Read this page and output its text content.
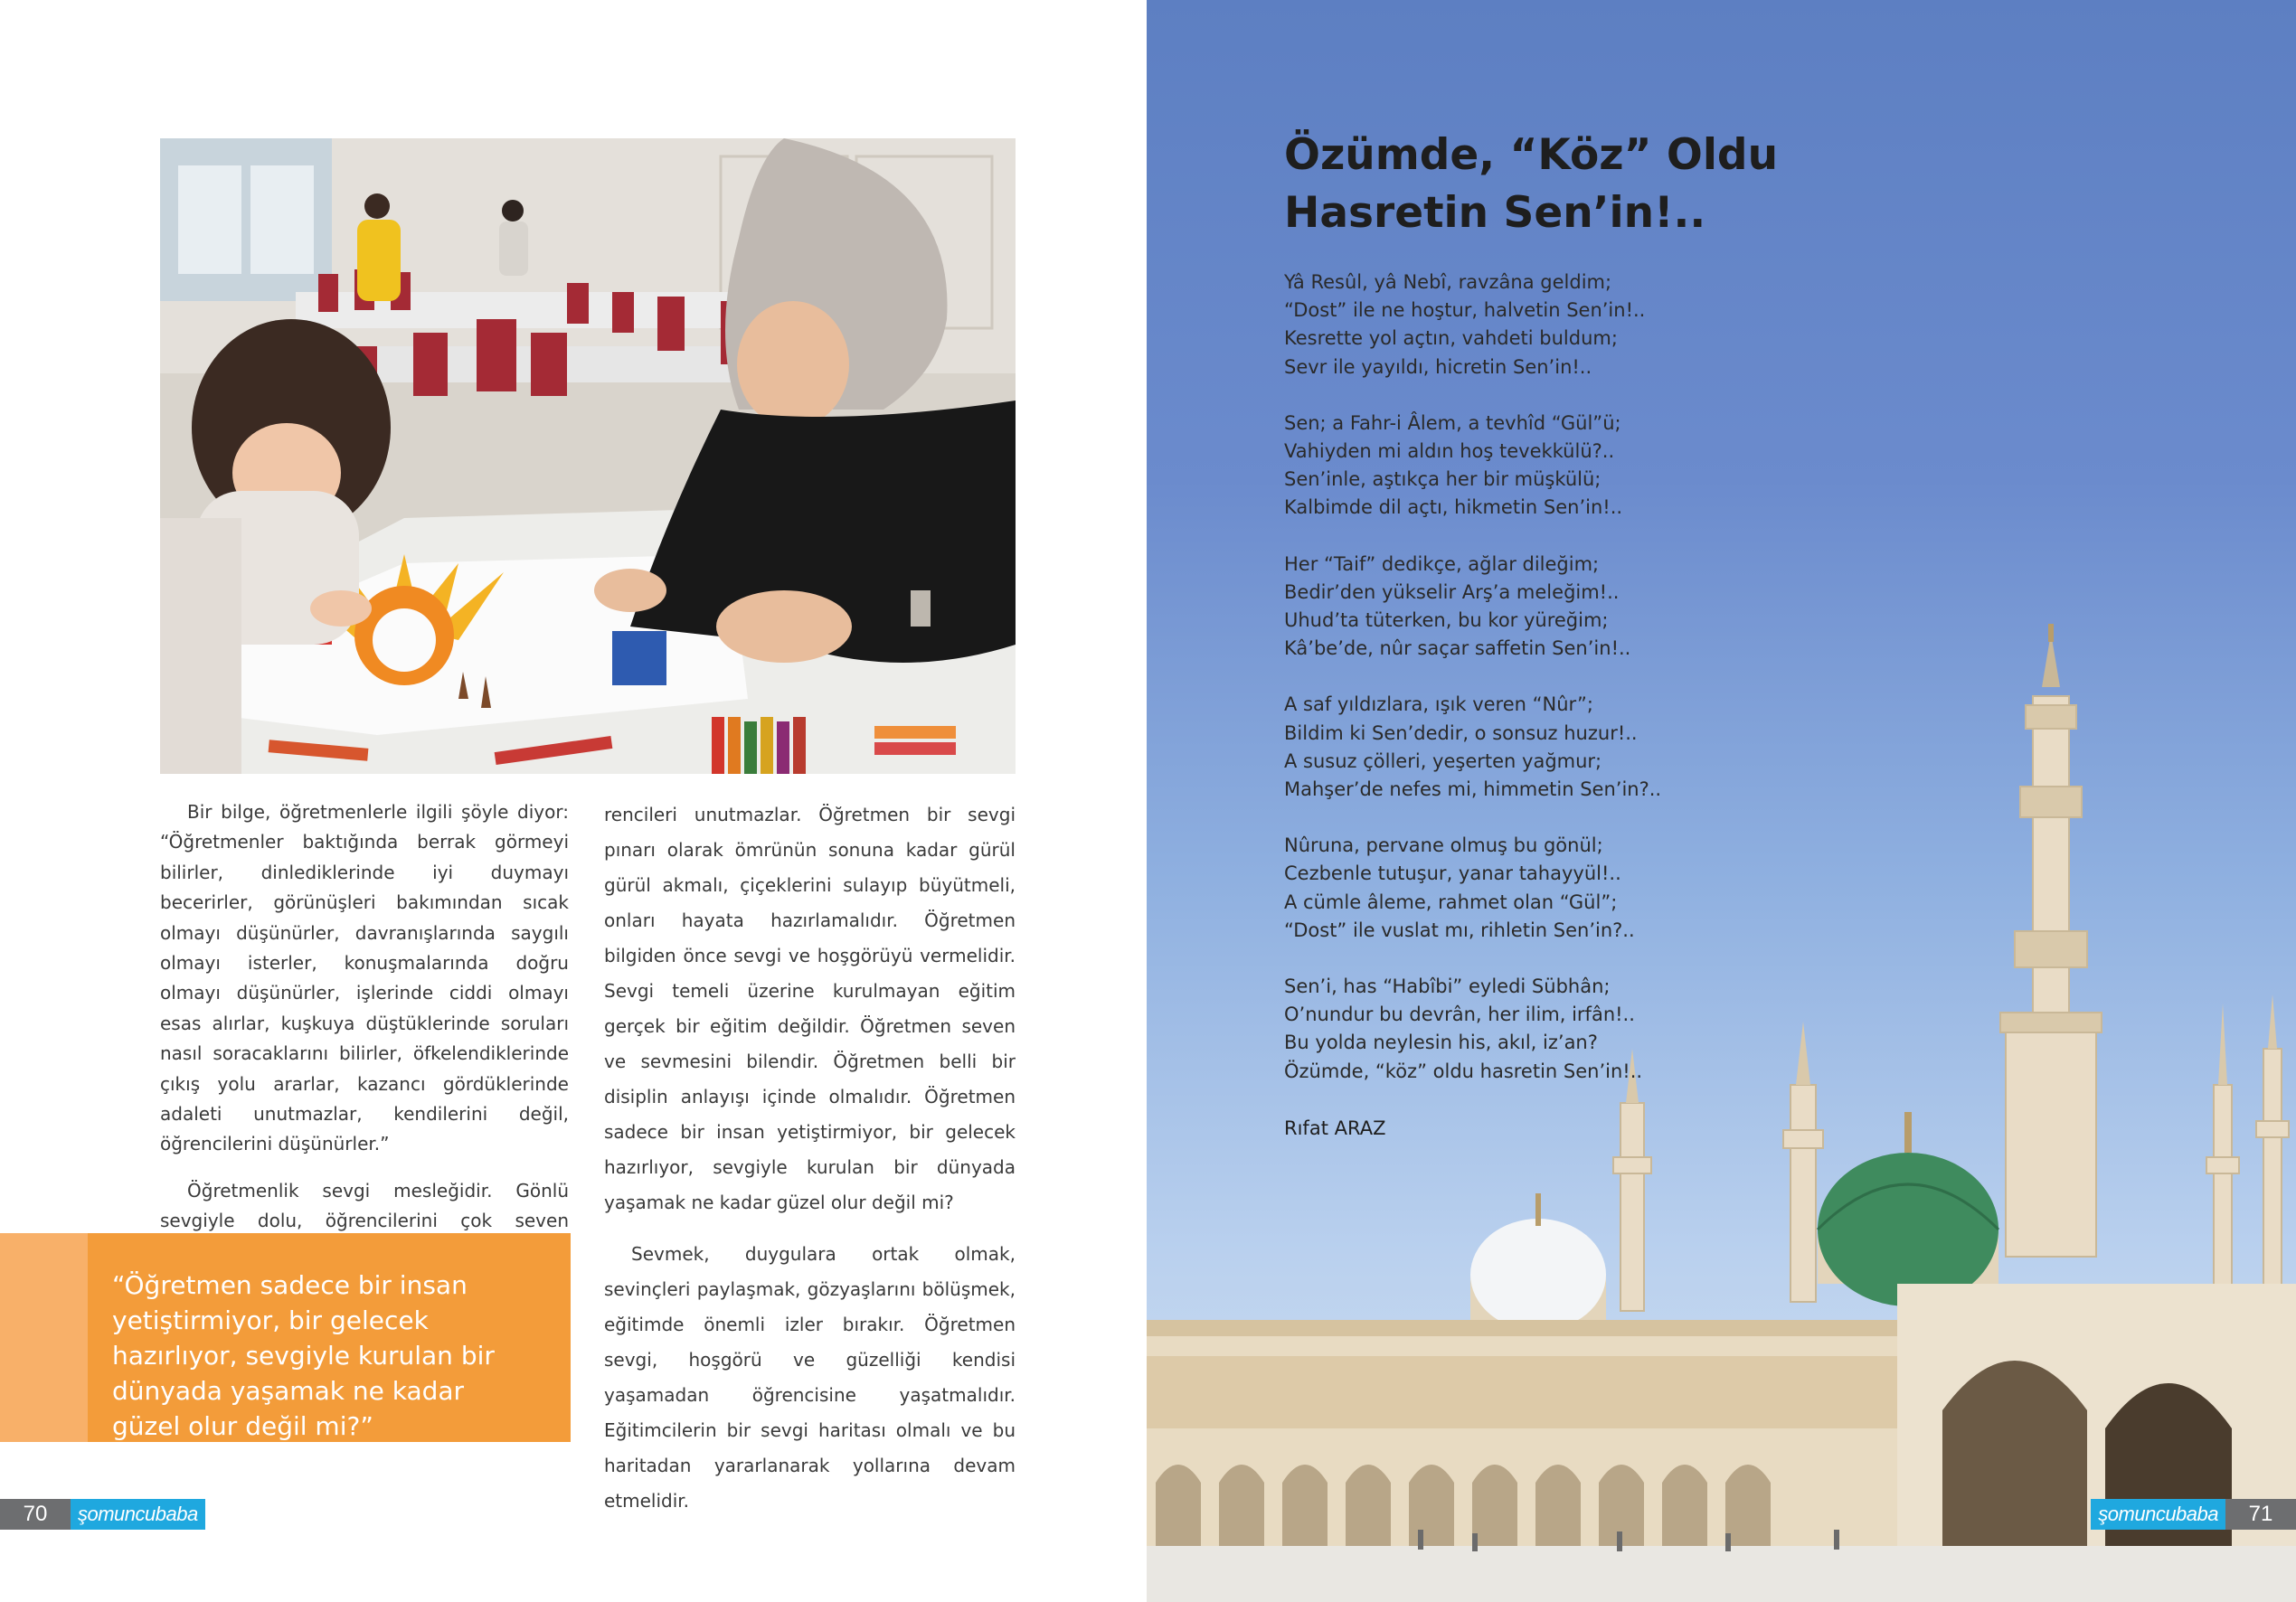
Bir bilge, öğretmenlerle ilgili şöyle diyor: “Öğretmenler baktığında berrak görmeyi bilirler, dinlediklerinde iyi duymayı becerirler, görünüşleri bakımından sıcak olmayı düşünürler, davranışlarında saygılı olmayı isterler, konuşmalarında doğru olmayı düşünürler, işlerinde ciddi olmayı esas alırlar, kuşkuya düştüklerinde soruları nasıl soracaklarını bilirler, öfkelendiklerinde çıkış yolu ararlar, kazancı gördüklerinde adaleti unutmazlar, kendilerini değil, öğrencilerini düşünürler.”

Öğretmenlik sevgi mesleğidir. Gönlü sevgiyle dolu, öğrencilerini çok seven

rencileri unutmazlar. Öğretmen bir sevgi pınarı olarak ömrünün sonuna kadar gürül gürül akmalı, çiçeklerini sulayıp büyütmeli, onları hayata hazırlamalıdır. Öğretmen bilgiden önce sevgi ve hoşgörüyü vermelidir. Sevgi temeli üzerine kurulmayan eğitim gerçek bir eğitim değildir. Öğretmen seven ve sevmesini bilendir. Öğretmen belli bir disiplin anlayışı içinde olmalıdır. Öğretmen sadece bir insan yetiştirmiyor, bir gelecek hazırlıyor, sevgiyle kurulan bir dünyada yaşamak ne kadar güzel olur değil mi?

Sevmek, duygulara ortak olmak, sevinçleri paylaşmak, gözyaşlarını bölüşmek, eğitimde önemli izler bırakır. Öğretmen sevgi, hoşgörü ve güzelliği kendisi yaşamadan öğrencisine yaşatmalıdır. Eğitimcilerin bir sevgi haritası olmalı ve bu haritadan yararlanarak yollarına devam etmelidir.

“Öğretmen sadece bir insan yetiştirmiyor, bir gelecek hazırlıyor, sevgiyle kurulan bir dünyada yaşamak ne kadar güzel olur değil mi?”
70	şomuncubaba	şomuncubaba	71
Özümde, “Köz” Oldu
Hasretin Sen’in!..
Yâ Resûl, yâ Nebî, ravzâna geldim;
“Dost” ile ne hoştur, halvetin Sen’in!..
Kesrette yol açtın, vahdeti buldum;
Sevr ile yayıldı, hicretin Sen’in!..
Sen; a Fahr-i Âlem, a tevhîd “Gül”ü;
Vahiyden mi aldın hoş tevekkülü?..
Sen’inle, aştıkça her bir müşkülü;
Kalbimde dil açtı, hikmetin Sen’in!..
Her “Taif” dedikçe, ağlar dileğim;
Bedir’den yükselir Arş’a meleğim!..
Uhud’ta tüterken, bu kor yüreğim;
Kâ’be’de, nûr saçar saffetin Sen’in!..
A saf yıldızlara, ışık veren “Nûr”;
Bildim ki Sen’dedir, o sonsuz huzur!..
A susuz çölleri, yeşerten yağmur;
Mahşer’de nefes mi, himmetin Sen’in?..
Nûruna, pervane olmuş bu gönül;
Cezbenle tutuşur, yanar tahayyül!..
A cümle âleme, rahmet olan “Gül”;
“Dost” ile vuslat mı, rihletin Sen’in?..
Sen’i, has “Habîbi” eyledi Sübhân;
O’nundur bu devrân, her ilim, irfân!..
Bu yolda neylesin his, akıl, iz’an?
Özümde, “köz” oldu hasretin Sen’in!..
Rıfat ARAZ
